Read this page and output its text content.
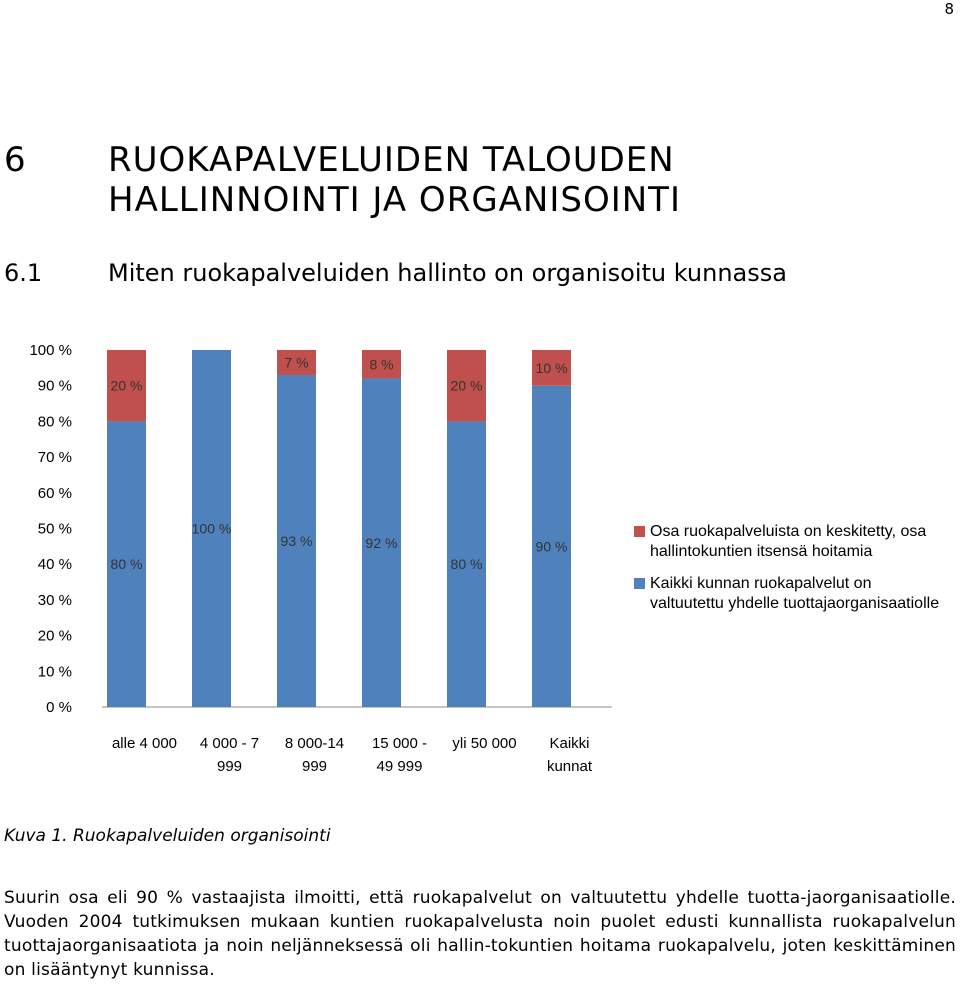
8
6 RUOKAPALVELUIDEN TALOUDEN
HALLINNOINTI JA ORGANISOINTI
6.1	Miten ruokapalveluiden hallinto on organisoitu kunnassa
0 %
10 %
20 %
30 %
40 %
50 %
60 %
70 %
80 %
90 %
100 %
80 %
20 %
alle 4 000
100 %
4 000 - 7
999
93 %
7 %
8 000-14
999
92 %
8 %
15 000 -
49 999
80 %
20 %
yli 50 000
90 %
10 %
Kaikki
kunnat
Osa ruokapalveluista on keskitetty, osa hallintokuntien itsensä hoitamia
Kaikki kunnan ruokapalvelut on valtuutettu yhdelle tuottajaorganisaatiolle
Kuva 1. Ruokapalveluiden organisointi
Suurin osa eli 90 % vastaajista ilmoitti, että ruokapalvelut on valtuutettu yhdelle tuotta-jaorganisaatiolle. Vuoden 2004 tutkimuksen mukaan kuntien ruokapalvelusta noin puolet edusti kunnallista ruokapalvelun tuottajaorganisaatiota ja noin neljänneksessä oli hallin-tokuntien hoitama ruokapalvelu, joten keskittäminen on lisääntynyt kunnissa.
